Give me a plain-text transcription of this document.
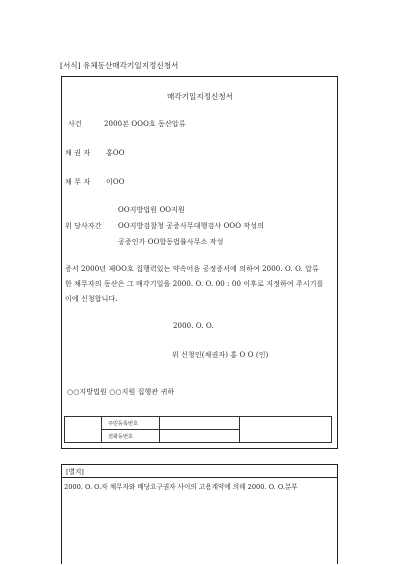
[서식] 유체동산매각기일지정신청서
매각기일지정신청서
사건	2000본 OOO호 동산압류
채 권 자 홍OO
채 무 자 이OO
OO지방법원 OO지원
위 당사자간 OO지방검찰청 공증사무대행검사 OOO 작성의
공증인가 OO합동법률사무소 작성
증서 2000년 제OO호 집행력있는 약속어음 공정증서에 의하여 2000. O. O. 압류
한 채무자의 동산은 그 매각기일을 2000. O. O. 00 : 00 이후로 지정하여 주시기를
이에 신청합니다.
2000. O. O.
위 신청인(채권자) 홍 O O (인)
○○지방법원 ○○지원 집행관 귀하
	주민등록번호		
	전화등번호		
[별지]
2000. O. O.자 채무자와 배당요구권자 사이의 고용계약에 의해 2000. O. O.분부
